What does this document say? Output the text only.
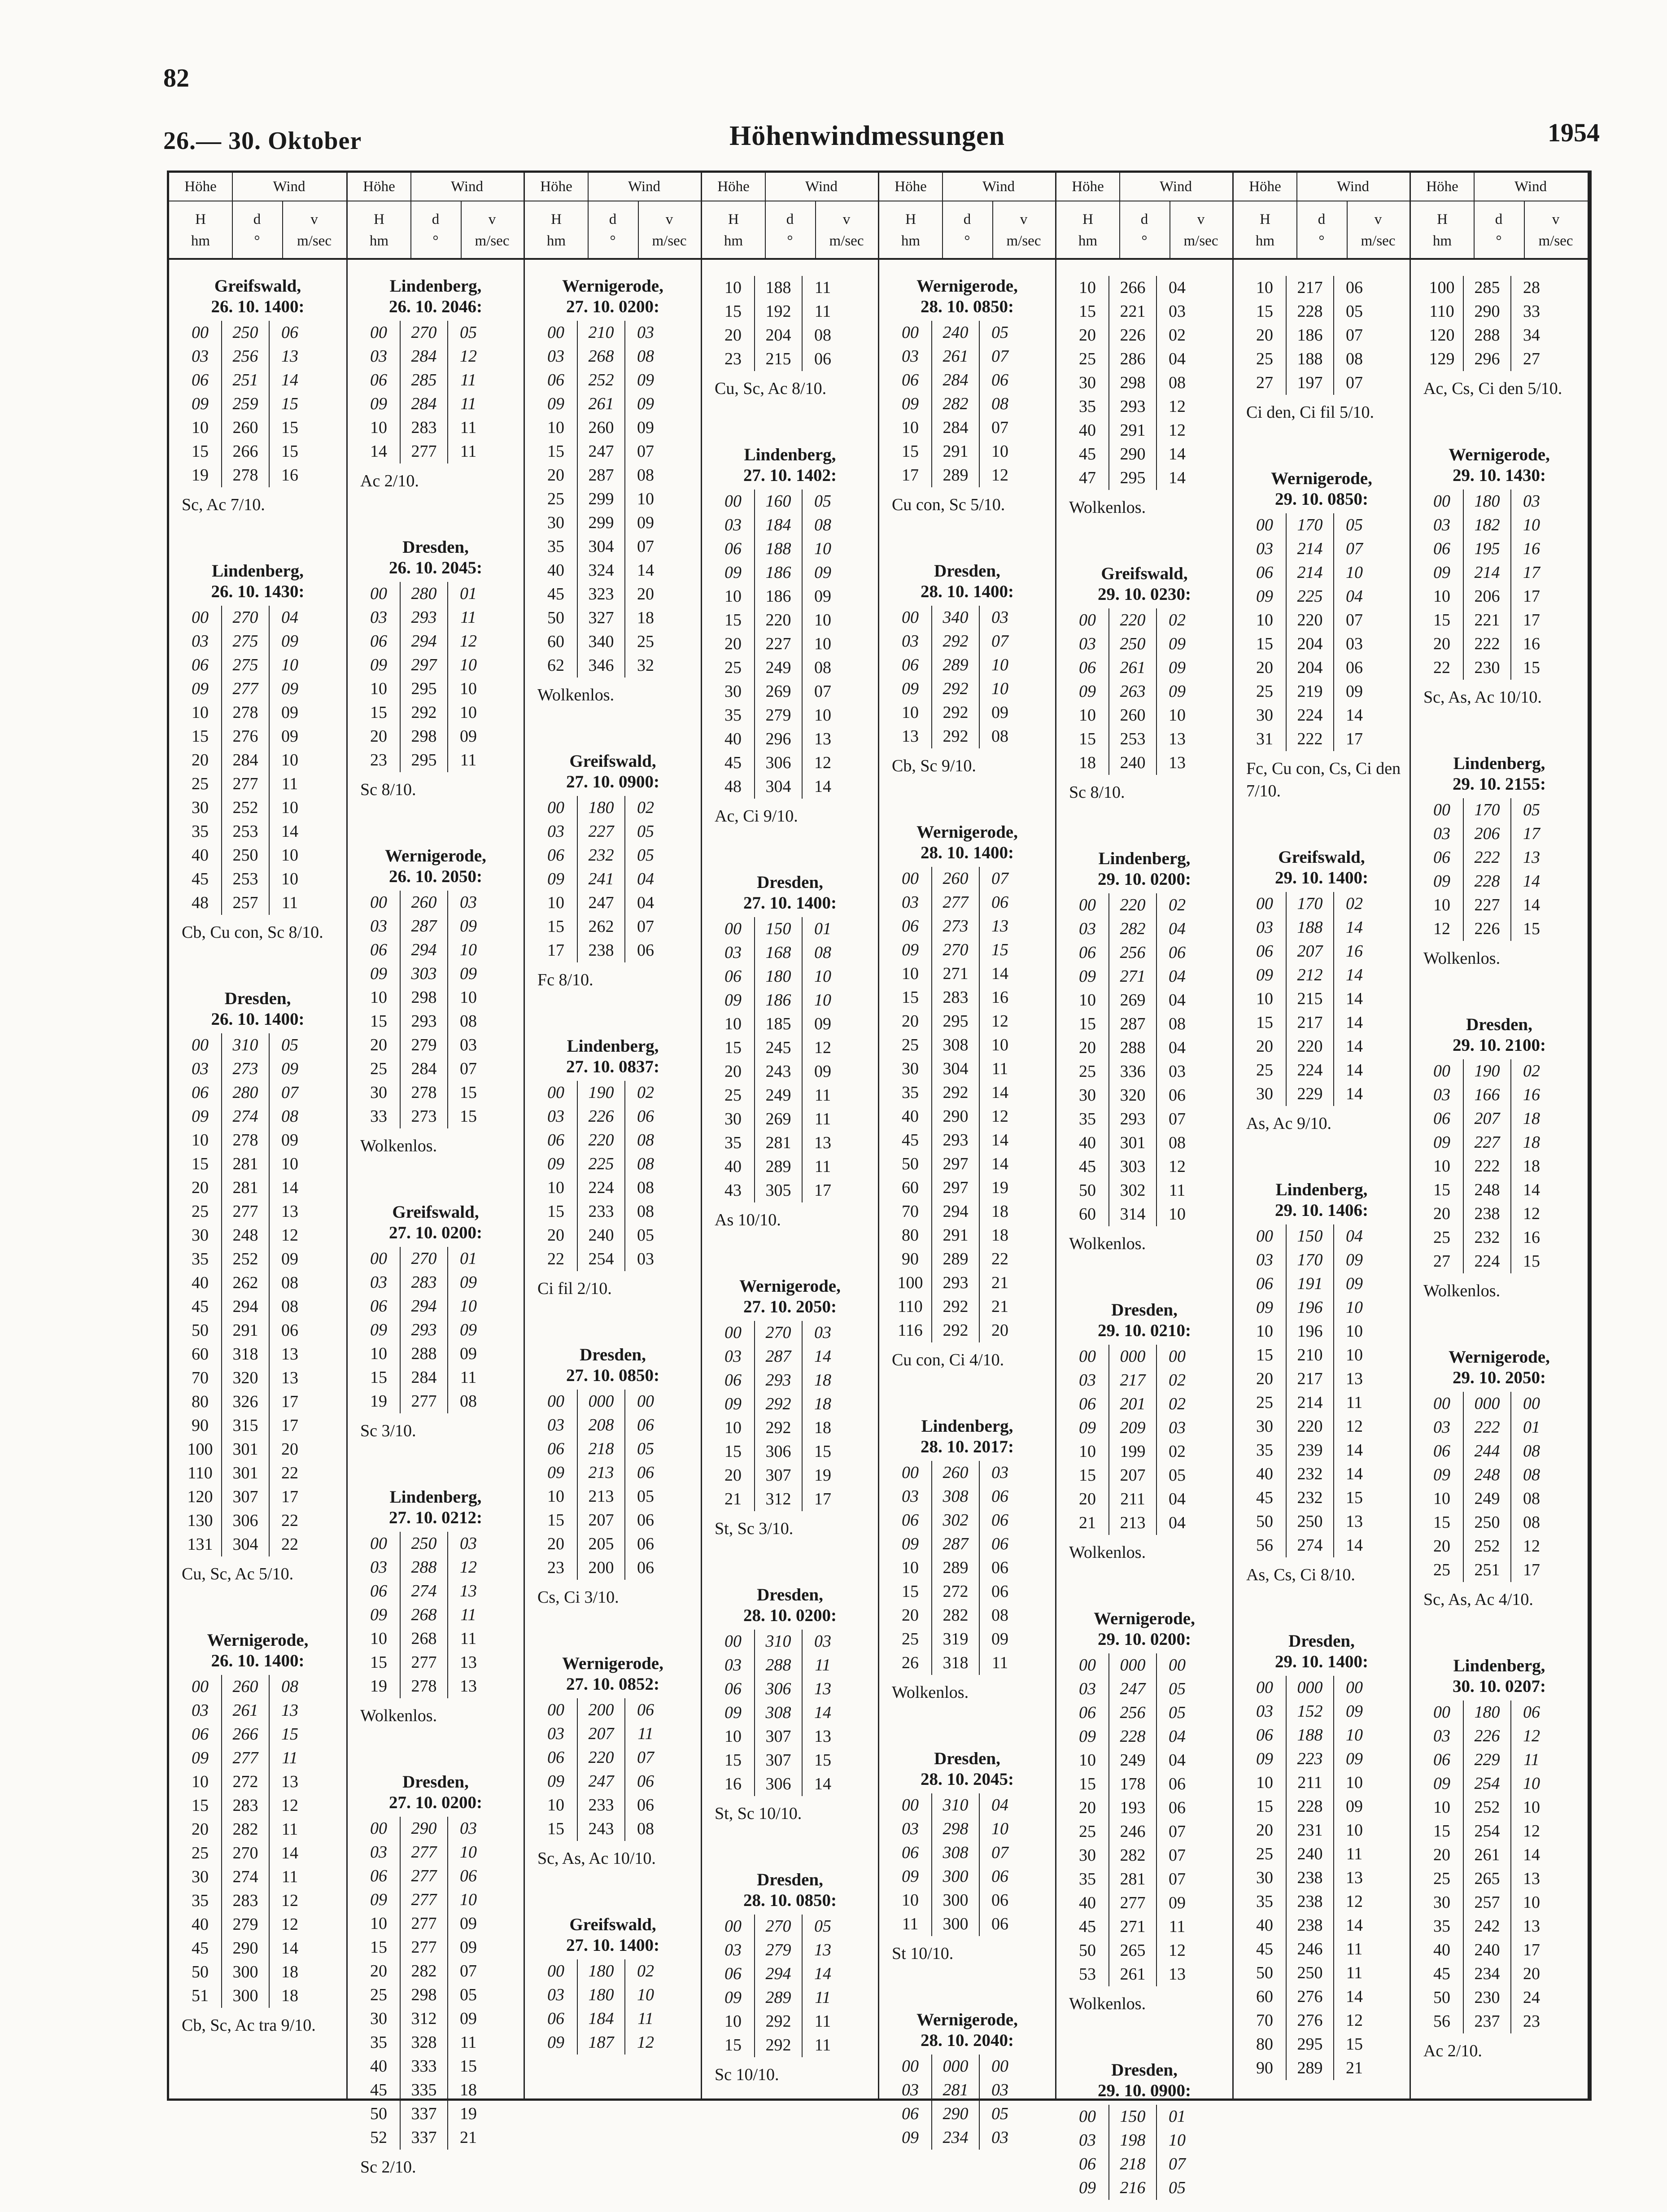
82
26.— 30. Oktober	Höhenwindmessungen	1954
Höhe	Wind
H
hm
d
°
v
m/sec
Greifswald,
26. 10. 1400:
00	250	06
03	256	13
06	251	14
09	259	15
10	260	15
15	266	15
19	278	16
Sc, Ac 7/10.
Lindenberg,
26. 10. 1430:
00	270	04
03	275	09
06	275	10
09	277	09
10	278	09
15	276	09
20	284	10
25	277	11
30	252	10
35	253	14
40	250	10
45	253	10
48	257	11
Cb, Cu con, Sc 8/10.
Dresden,
26. 10. 1400:
00	310	05
03	273	09
06	280	07
09	274	08
10	278	09
15	281	10
20	281	14
25	277	13
30	248	12
35	252	09
40	262	08
45	294	08
50	291	06
60	318	13
70	320	13
80	326	17
90	315	17
100	301	20
110	301	22
120	307	17
130	306	22
131	304	22
Cu, Sc, Ac 5/10.
Wernigerode,
26. 10. 1400:
00	260	08
03	261	13
06	266	15
09	277	11
10	272	13
15	283	12
20	282	11
25	270	14
30	274	11
35	283	12
40	279	12
45	290	14
50	300	18
51	300	18
Cb, Sc, Ac tra 9/10.
Höhe	Wind
H
hm
d
°
v
m/sec
Lindenberg,
26. 10. 2046:
00	270	05
03	284	12
06	285	11
09	284	11
10	283	11
14	277	11
Ac 2/10.
Dresden,
26. 10. 2045:
00	280	01
03	293	11
06	294	12
09	297	10
10	295	10
15	292	10
20	298	09
23	295	11
Sc 8/10.
Wernigerode,
26. 10. 2050:
00	260	03
03	287	09
06	294	10
09	303	09
10	298	10
15	293	08
20	279	03
25	284	07
30	278	15
33	273	15
Wolkenlos.
Greifswald,
27. 10. 0200:
00	270	01
03	283	09
06	294	10
09	293	09
10	288	09
15	284	11
19	277	08
Sc 3/10.
Lindenberg,
27. 10. 0212:
00	250	03
03	288	12
06	274	13
09	268	11
10	268	11
15	277	13
19	278	13
Wolkenlos.
Dresden,
27. 10. 0200:
00	290	03
03	277	10
06	277	06
09	277	10
10	277	09
15	277	09
20	282	07
25	298	05
30	312	09
35	328	11
40	333	15
45	335	18
50	337	19
52	337	21
Sc 2/10.
Höhe	Wind
H
hm
d
°
v
m/sec
Wernigerode,
27. 10. 0200:
00	210	03
03	268	08
06	252	09
09	261	09
10	260	09
15	247	07
20	287	08
25	299	10
30	299	09
35	304	07
40	324	14
45	323	20
50	327	18
60	340	25
62	346	32
Wolkenlos.
Greifswald,
27. 10. 0900:
00	180	02
03	227	05
06	232	05
09	241	04
10	247	04
15	262	07
17	238	06
Fc 8/10.
Lindenberg,
27. 10. 0837:
00	190	02
03	226	06
06	220	08
09	225	08
10	224	08
15	233	08
20	240	05
22	254	03
Ci fil 2/10.
Dresden,
27. 10. 0850:
00	000	00
03	208	06
06	218	05
09	213	06
10	213	05
15	207	06
20	205	06
23	200	06
Cs, Ci 3/10.
Wernigerode,
27. 10. 0852:
00	200	06
03	207	11
06	220	07
09	247	06
10	233	06
15	243	08
Sc, As, Ac 10/10.
Greifswald,
27. 10. 1400:
00	180	02
03	180	10
06	184	11
09	187	12
Höhe	Wind
H
hm
d
°
v
m/sec
10	188	11
15	192	11
20	204	08
23	215	06
Cu, Sc, Ac 8/10.
Lindenberg,
27. 10. 1402:
00	160	05
03	184	08
06	188	10
09	186	09
10	186	09
15	220	10
20	227	10
25	249	08
30	269	07
35	279	10
40	296	13
45	306	12
48	304	14
Ac, Ci 9/10.
Dresden,
27. 10. 1400:
00	150	01
03	168	08
06	180	10
09	186	10
10	185	09
15	245	12
20	243	09
25	249	11
30	269	11
35	281	13
40	289	11
43	305	17
As 10/10.
Wernigerode,
27. 10. 2050:
00	270	03
03	287	14
06	293	18
09	292	18
10	292	18
15	306	15
20	307	19
21	312	17
St, Sc 3/10.
Dresden,
28. 10. 0200:
00	310	03
03	288	11
06	306	13
09	308	14
10	307	13
15	307	15
16	306	14
St, Sc 10/10.
Dresden,
28. 10. 0850:
00	270	05
03	279	13
06	294	14
09	289	11
10	292	11
15	292	11
Sc 10/10.
Höhe	Wind
H
hm
d
°
v
m/sec
Wernigerode,
28. 10. 0850:
00	240	05
03	261	07
06	284	06
09	282	08
10	284	07
15	291	10
17	289	12
Cu con, Sc 5/10.
Dresden,
28. 10. 1400:
00	340	03
03	292	07
06	289	10
09	292	10
10	292	09
13	292	08
Cb, Sc 9/10.
Wernigerode,
28. 10. 1400:
00	260	07
03	277	06
06	273	13
09	270	15
10	271	14
15	283	16
20	295	12
25	308	10
30	304	11
35	292	14
40	290	12
45	293	14
50	297	14
60	297	19
70	294	18
80	291	18
90	289	22
100	293	21
110	292	21
116	292	20
Cu con, Ci 4/10.
Lindenberg,
28. 10. 2017:
00	260	03
03	308	06
06	302	06
09	287	06
10	289	06
15	272	06
20	282	08
25	319	09
26	318	11
Wolkenlos.
Dresden,
28. 10. 2045:
00	310	04
03	298	10
06	308	07
09	300	06
10	300	06
11	300	06
St 10/10.
Wernigerode,
28. 10. 2040:
00	000	00
03	281	03
06	290	05
09	234	03
Höhe	Wind
H
hm
d
°
v
m/sec
10	266	04
15	221	03
20	226	02
25	286	04
30	298	08
35	293	12
40	291	12
45	290	14
47	295	14
Wolkenlos.
Greifswald,
29. 10. 0230:
00	220	02
03	250	09
06	261	09
09	263	09
10	260	10
15	253	13
18	240	13
Sc 8/10.
Lindenberg,
29. 10. 0200:
00	220	02
03	282	04
06	256	06
09	271	04
10	269	04
15	287	08
20	288	04
25	336	03
30	320	06
35	293	07
40	301	08
45	303	12
50	302	11
60	314	10
Wolkenlos.
Dresden,
29. 10. 0210:
00	000	00
03	217	02
06	201	02
09	209	03
10	199	02
15	207	05
20	211	04
21	213	04
Wolkenlos.
Wernigerode,
29. 10. 0200:
00	000	00
03	247	05
06	256	05
09	228	04
10	249	04
15	178	06
20	193	06
25	246	07
30	282	07
35	281	07
40	277	09
45	271	11
50	265	12
53	261	13
Wolkenlos.
Dresden,
29. 10. 0900:
00	150	01
03	198	10
06	218	07
09	216	05
Höhe	Wind
H
hm
d
°
v
m/sec
10	217	06
15	228	05
20	186	07
25	188	08
27	197	07
Ci den, Ci fil 5/10.
Wernigerode,
29. 10. 0850:
00	170	05
03	214	07
06	214	10
09	225	04
10	220	07
15	204	03
20	204	06
25	219	09
30	224	14
31	222	17
Fc, Cu con, Cs, Ci den 7/10.
Greifswald,
29. 10. 1400:
00	170	02
03	188	14
06	207	16
09	212	14
10	215	14
15	217	14
20	220	14
25	224	14
30	229	14
As, Ac 9/10.
Lindenberg,
29. 10. 1406:
00	150	04
03	170	09
06	191	09
09	196	10
10	196	10
15	210	10
20	217	13
25	214	11
30	220	12
35	239	14
40	232	14
45	232	15
50	250	13
56	274	14
As, Cs, Ci 8/10.
Dresden,
29. 10. 1400:
00	000	00
03	152	09
06	188	10
09	223	09
10	211	10
15	228	09
20	231	10
25	240	11
30	238	13
35	238	12
40	238	14
45	246	11
50	250	11
60	276	14
70	276	12
80	295	15
90	289	21
Höhe	Wind
H
hm
d
°
v
m/sec
100	285	28
110	290	33
120	288	34
129	296	27
Ac, Cs, Ci den 5/10.
Wernigerode,
29. 10. 1430:
00	180	03
03	182	10
06	195	16
09	214	17
10	206	17
15	221	17
20	222	16
22	230	15
Sc, As, Ac 10/10.
Lindenberg,
29. 10. 2155:
00	170	05
03	206	17
06	222	13
09	228	14
10	227	14
12	226	15
Wolkenlos.
Dresden,
29. 10. 2100:
00	190	02
03	166	16
06	207	18
09	227	18
10	222	18
15	248	14
20	238	12
25	232	16
27	224	15
Wolkenlos.
Wernigerode,
29. 10. 2050:
00	000	00
03	222	01
06	244	08
09	248	08
10	249	08
15	250	08
20	252	12
25	251	17
Sc, As, Ac 4/10.
Lindenberg,
30. 10. 0207:
00	180	06
03	226	12
06	229	11
09	254	10
10	252	10
15	254	12
20	261	14
25	265	13
30	257	10
35	242	13
40	240	17
45	234	20
50	230	24
56	237	23
Ac 2/10.
